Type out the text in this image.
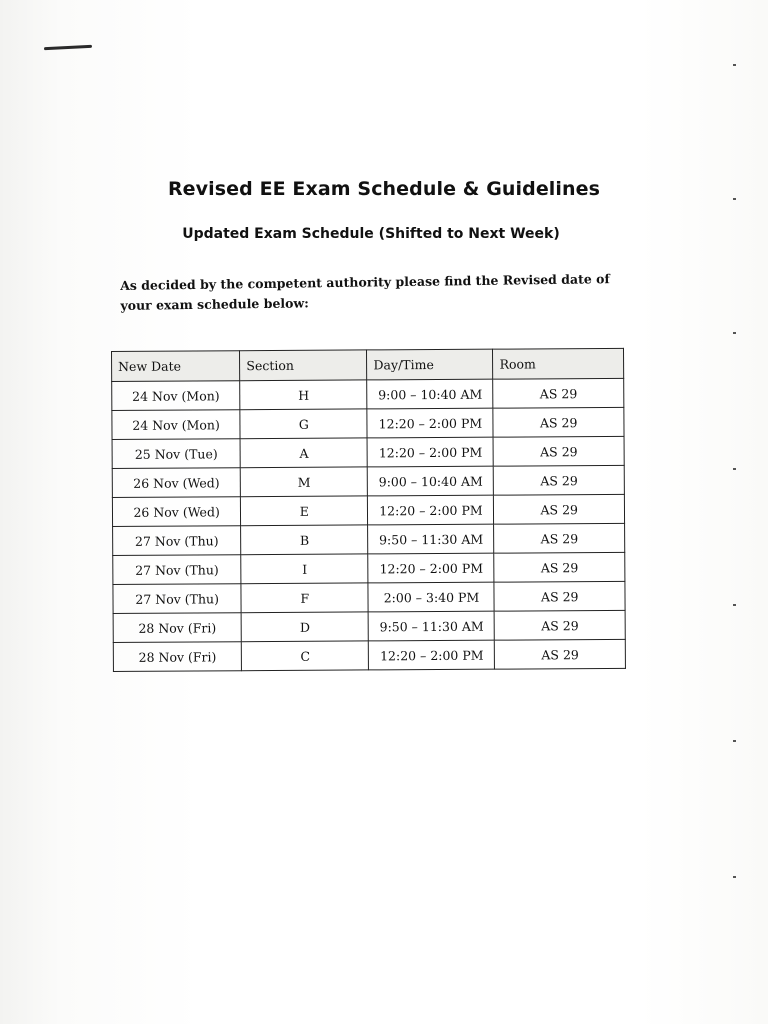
Revised EE Exam Schedule & Guidelines
Updated Exam Schedule (Shifted to Next Week)
As decided by the competent authority please find the Revised date of your exam schedule below:
New Date	Section	Day/Time	Room
24 Nov (Mon)	H	9:00 – 10:40 AM	AS 29
24 Nov (Mon)	G	12:20 – 2:00 PM	AS 29
25 Nov (Tue)	A	12:20 – 2:00 PM	AS 29
26 Nov (Wed)	M	9:00 – 10:40 AM	AS 29
26 Nov (Wed)	E	12:20 – 2:00 PM	AS 29
27 Nov (Thu)	B	9:50 – 11:30 AM	AS 29
27 Nov (Thu)	I	12:20 – 2:00 PM	AS 29
27 Nov (Thu)	F	2:00 – 3:40 PM	AS 29
28 Nov (Fri)	D	9:50 – 11:30 AM	AS 29
28 Nov (Fri)	C	12:20 – 2:00 PM	AS 29
